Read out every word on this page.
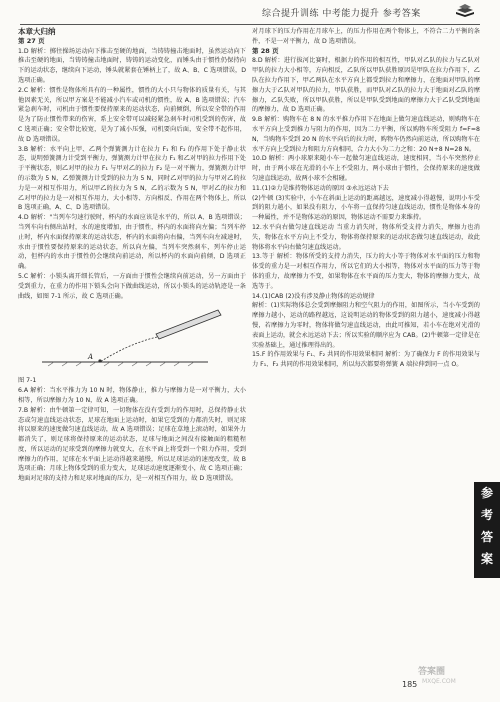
综合提升训练 中考能力提升 参考答案

本章大归纳

第 27 页

1.D 解析：掷往操场运动向下推击至硬的地面，当铸铸撞击地面时，虽然运动向下推击至硬的地面，当铸铸撞击地面时，铸铸的运动变化，而锤头由于惯性仍保持向下的运动状态，继续向下运动，锤头就紧套在锤柄上了，故 A、B、C 选项错误，D 选项正确。

2.C 解析：惯性是物体所具有的一种属性，惯性的大小只与物体的质量有关，与其他因素无关，所以甲方案是不能减小汽车或司机的惯性，故 A、B 选项错误；汽车紧急刹车时，司机由于惯性要保持原来的运动状态，向前倾倒，所以安全带的作用是为了防止惯性带来的伤害，系上安全带可以减轻紧急刹车时司机受到的伤害，故 C 选项正确；安全带比较宽，是为了减小压强，司机要向后面，安全带不起作用，故 D 选项错误。

3.B 解析：水平向上甲、乙两个弹簧测力计在拉力 F₁ 和 F₂ 的作用下处于静止状态，说明弹簧测力计受到平衡力，弹簧测力计甲在拉力 F₁ 和乙对甲的拉力作用下处于平衡状态，则乙对甲的拉力 F₁ 与甲对乙的拉力 F₂ 是一对平衡力，弹簧测力计甲的示数为 5 N，乙弹簧测力计受到的拉力为 5 N，同时乙对甲的拉力与甲对乙的拉力是一对相互作用力，所以甲乙的拉力为 5 N，乙的示数为 5 N，甲对乙的拉力和乙对甲的拉力是一对相互作用力，大小相等、方向相反、作用在两个物体上，所以 B 选项正确，A、C、D 选项错误。

4.D 解析："当列车匀速行驶时，杯内的水面应该是水平的，所以 A、B 选项错误；当列车向右侧出站时，水的速度增加，由于惯性，杯内的水面将向左偏；当列车停止时，杯内水面保持原来的运动状态，杯内的水面将向右偏，当列车向左减速时，水由于惯性要保持原来的运动状态，所以向左偏，当列车突然刹车，列车停止运动，但杯内的水由于惯性仍会继续向前运动，所以杯内的水面向前倾，D 选项正确。

5.C 解析：小锁头离开细长管后，一方面由于惯性会继续向前运动，另一方面由于受到重力，在重力的作用下锁头会向下做曲线运动，所以小锁头的运动轨迹是一条曲线，如图 7-1 所示，故 C 选项正确。

A

图 7-1

6.A 解析：当水平推力为 10 N 时，物体静止，推力与摩擦力是一对平衡力，大小相等，所以摩擦力为 10 N，故 A 选项正确。

7.B 解析：由牛顿第一定律可知，一切物体在没有受到力的作用时，总保持静止状态或匀速直线运动状态，足球在地面上运动时，如果它受到的力都消失时，则足球将以原来的速度做匀速直线运动，故 A 选项错误；足球在草地上滚动时，如果外力都消失了，则足球将保持原来的运动状态，足球与地面之间没有接触面的粗糙程度，所以运动的足球受到的摩擦力就变大，在水平面上将受到一个阻力作用，受到摩擦力的作用，足球在水平面上运动得越来越慢，所以足球运动的速度改变，故 B 选项正确；月球上物体受到的重力变大，足球运动速度逐渐变小，故 C 选项正确；地面对足球的支持力和足球对地面的压力，是一对相互作用力，故 D 选项错误。

对月球下的压力作用在月球车上，的压力作用在两个物体上，不符合二力平衡的条件，不是一对平衡力，故 D 选项错误。

第 28 页

8.D 解析：进行拔河比赛时，根据力的作用的相互性，甲队对乙队的拉力与乙队对甲队的拉力大小相等，方向相反，乙队所以甲队获胜原因是甲队在拉力作用下，乙队在拉力作用下，甲乙两队在水平方向上都受到拉力和摩擦力，在地面对甲队的摩擦力大于乙队对甲队的拉力，甲队获胜，而甲队对乙队的拉力大于地面对乙队的摩擦力，乙队失败，所以甲队获胜，所以是甲队受到地面的摩擦力大于乙队受到地面的摩擦力，故 D 选项正确。

9.B 解析：购物车在 8 N 的水平推力作用下在地面上做匀速直线运动，则购物车在水平方向上受到推力与阻力的作用，因为二力平衡，所以购物车所受阻力 f=F=8 N，当购物车受到 20 N 的水平向后的拉力时，购物车仍然向前运动，所以购物车在水平方向上受到拉力和阻力方向相同，合力大小为二力之和：20 N+8 N=28 N。

10.D 解析：两小球原来随小车一起做匀速直线运动，速度相同，当小车突然停止时，由于两小球在光滑的小车上不受阻力，两小球由于惯性，会保持原来的速度做匀速直线运动，故两小球不会相碰。

11.(1)②力是维持物体运动的原因 ③永远运动下去

(2)牛顿 (3)实验中，小车在斜面上运动的距离越远，速度减小得越慢，说明小车受到的阻力越小，如果没有阻力，小车将一直保持匀速直线运动，惯性是物体本身的一种属性，并不是物体运动的原因，物体运动不需要力来维持。

12.水平向右做匀速直线运动 当重力消失时，物体所受支持力消失，摩擦力也消失，物体在水平方向上不受力，物体将保持原来的运动状态做匀速直线运动，故此物体将水平向右做匀速直线运动。

13.等于 解析：物体所受的支持力消失，压力的大小等于物体对水平面的压力和物体受的重力是一对相互作用力，所以它们的大小相等，物体对水平面的压力等于物体的重力，故摩擦力不变，如果物体在水平面的压力变大，物体的摩擦力变大，故选等于。

14.(1)CAB (2)没有涉及静止物体的运动规律

解析：(1)实际物体总会受到摩擦阻力和空气阻力的作用，如图所示，当小车受到的摩擦力越小，运动的路程越远，这说明运动的物体受到的阻力越小，速度减小得越慢，若摩擦力为零时，物体将做匀速直线运动，由此可推知，若小车在绝对光滑的表面上运动，就会永远运动下去；所以实验的顺序应为 CAB。(2)牛顿第一定律是在实验基础上，通过推理得出的。

15.F 的作用效果与 F₁、F₂ 共同的作用效果相同 解析：为了确保力 F 的作用效果与力 F₁、F₂ 共同的作用效果相同，所以每次都要将弹簧 A 端拉伸到同一点 O。

参
考
答
案
185
答案圈
MXQE.COM
